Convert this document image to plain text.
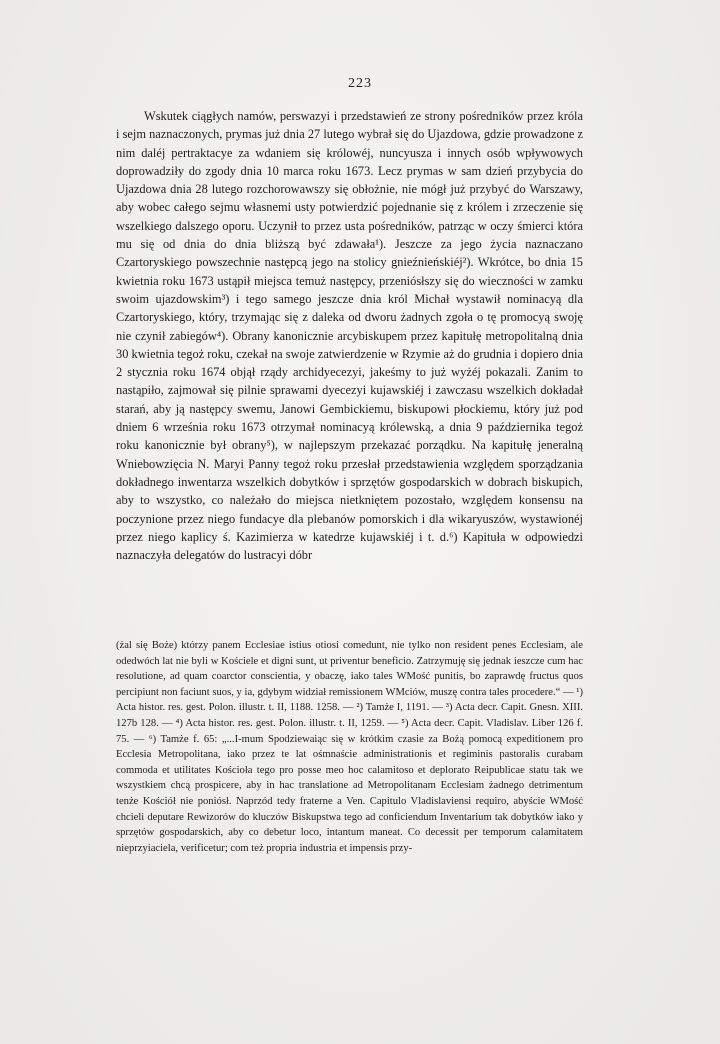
223

Wskutek ciągłych namów, perswazyi i przedstawień ze strony pośredników przez króla i sejm naznaczonych, prymas już dnia 27 lutego wybrał się do Ujazdowa, gdzie prowadzone z nim daléj pertraktacye za wdaniem się królowéj, nuncyusza i innych osób wpływowych doprowadziły do zgody dnia 10 marca roku 1673. Lecz prymas w sam dzień przybycia do Ujazdowa dnia 28 lutego rozchorowawszy się obłożnie, nie mógł już przybyć do Warszawy, aby wobec całego sejmu własnemi usty potwierdzić pojednanie się z królem i zrzeczenie się wszelkiego dalszego oporu. Uczynił to przez usta pośredników, patrząc w oczy śmierci która mu się od dnia do dnia bliższą być zdawała¹). Jeszcze za jego życia naznaczano Czartoryskiego powszechnie następcą jego na stolicy gnieźnieńskiéj²). Wkrótce, bo dnia 15 kwietnia roku 1673 ustąpił miejsca temuż następcy, przeniósłszy się do wieczności w zamku swoim ujazdowskim³) i tego samego jeszcze dnia król Michał wystawił nominacyą dla Czartoryskiego, który, trzymając się z daleka od dworu żadnych zgoła o tę promocyą swoję nie czynił zabiegów⁴). Obrany kanonicznie arcybiskupem przez kapitułę metropolitalną dnia 30 kwietnia tegoż roku, czekał na swoje zatwierdzenie w Rzymie aż do grudnia i dopiero dnia 2 stycznia roku 1674 objął rządy archidyecezyi, jakeśmy to już wyżéj pokazali. Zanim to nastąpiło, zajmował się pilnie sprawami dyecezyi kujawskiéj i zawczasu wszelkich dokładał starań, aby ją następcy swemu, Janowi Gembickiemu, biskupowi płockiemu, który już pod dniem 6 września roku 1673 otrzymał nominacyą królewską, a dnia 9 października tegoż roku kanonicznie był obrany⁵), w najlepszym przekazać porządku. Na kapitułę jeneralną Wniebowzięcia N. Maryi Panny tegoż roku przesłał przedstawienia względem sporządzania dokładnego inwentarza wszelkich dobytków i sprzętów gospodarskich w dobrach biskupich, aby to wszystko, co należało do miejsca nietkniętem pozostało, względem konsensu na poczynione przez niego fundacye dla plebanów pomorskich i dla wikaryuszów, wystawionéj przez niego kaplicy ś. Kazimierza w katedrze kujawskiéj i t. d.⁶) Kapituła w odpowiedzi naznaczyła delegatów do lustracyi dóbr

(żal się Boże) którzy panem Ecclesiae istius otiosi comedunt, nie tylko non resident penes Ecclesiam, ale odedwóch lat nie byli w Kościele et digni sunt, ut priventur beneficio. Zatrzymuję się jednak ieszcze cum hac resolutione, ad quam coarctor conscientia, y obaczę, iako tales WMość punitis, bo zaprawdę fructus quos percipiunt non faciunt suos, y ia, gdybym widział remissionem WMciów, muszę contra tales procedere.“ — ¹) Acta histor. res. gest. Polon. illustr. t. II, 1188. 1258. — ²) Tamże I, 1191. — ³) Acta decr. Capit. Gnesn. XIII. 127b 128. — ⁴) Acta histor. res. gest. Polon. illustr. t. II, 1259. — ⁵) Acta decr. Capit. Vladislav. Liber 126 f. 75. — ⁶) Tamże f. 65: „...I-mum Spodziewaiąc się w krótkim czasie za Bożą pomocą expeditionem pro Ecclesia Metropolitana, iako przez te lat ośmnaście administrationis et regiminis pastoralis curabam commoda et utilitates Kościoła tego pro posse meo hoc calamitoso et deplorato Reipublicae statu tak we wszystkiem chcą prospicere, aby in hac translatione ad Metropolitanam Ecclesiam żadnego detrimentum tenże Kościół nie poniósł. Naprzód tedy fraterne a Ven. Capitulo Vladislaviensi requiro, abyście WMość chcieli deputare Rewizorów do kluczów Biskupstwa tego ad conficiendum Inventarium tak dobytków iako y sprzętów gospodarskich, aby co debetur loco, intantum maneat. Co decessit per temporum calamitatem nieprzyiaciela, verificetur; com też propria industria et impensis przy-
